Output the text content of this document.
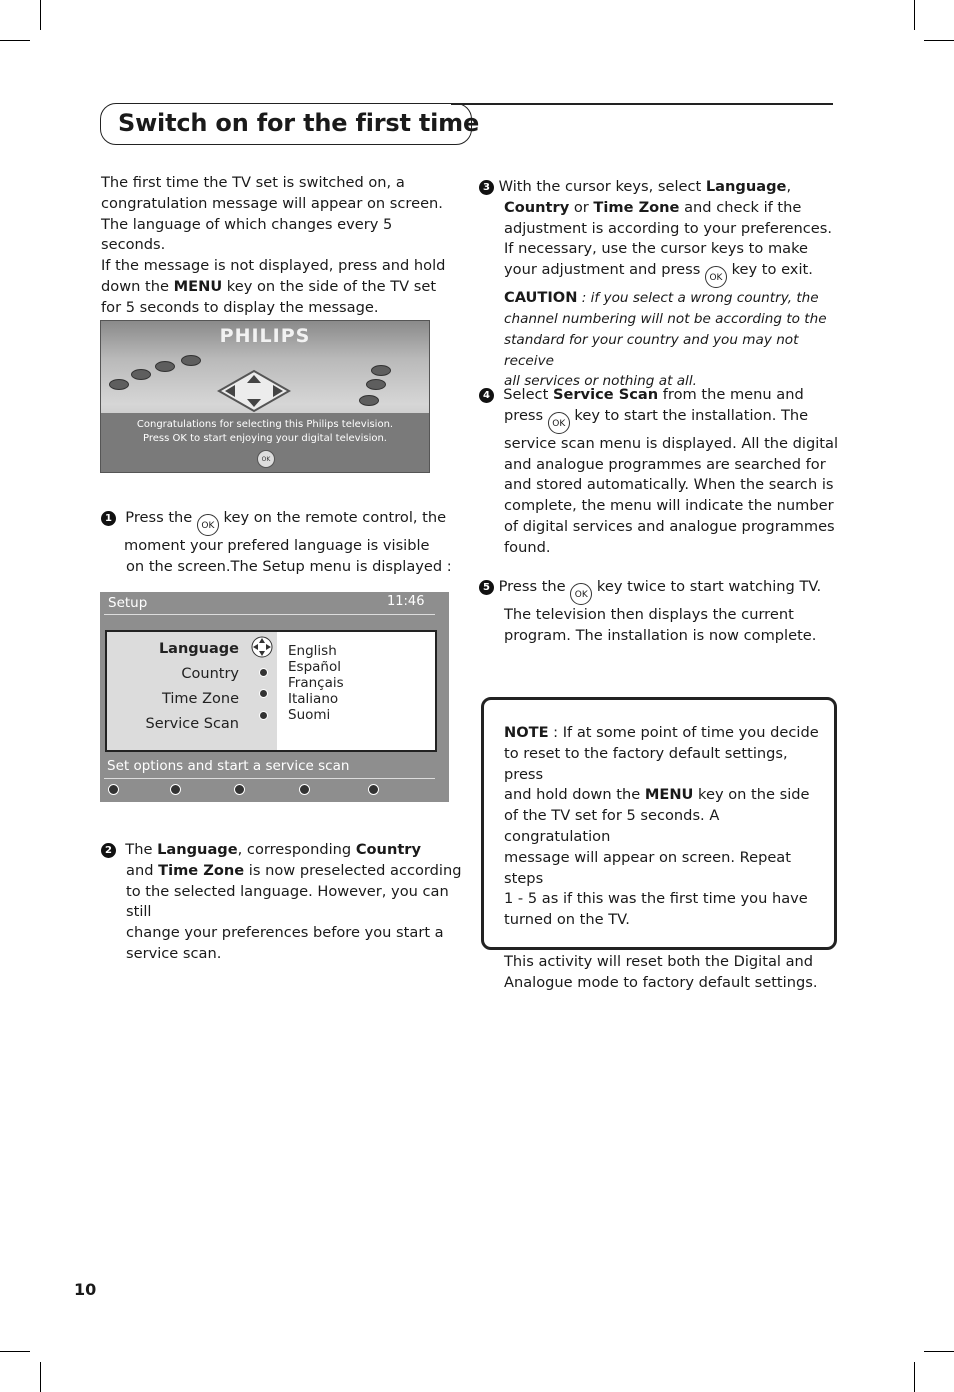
Switch on for the first time
The first time the TV set is switched on, a
congratulation message will appear on screen.
The language of which changes every 5 seconds.
If the message is not displayed, press and hold
down the MENU key on the side of the TV set
for 5 seconds to display the message.
PHILIPS
Congratulations for selecting this Philips television.
Press OK to start enjoying your digital television.
OK
1 Press the OK key on the remote control, the
moment your prefered language is visible
on the screen.The Setup menu is displayed :
Setup	11:46
Language
Country
Time Zone
Service Scan
English
Español
Français
Italiano
Suomi
Set options and start a service scan
2 The Language, corresponding Country
and Time Zone is now preselected according
to the selected language. However, you can still
change your preferences before you start a
service scan.
3 With the cursor keys, select Language,
Country or Time Zone and check if the
adjustment is according to your preferences.
If necessary, use the cursor keys to make
your adjustment and press OK key to exit.
CAUTION : if you select a wrong country, the
channel numbering will not be according to the
standard for your country and you may not receive
all services or nothing at all.
4 Select Service Scan from the menu and
press OK key to start the installation. The
service scan menu is displayed. All the digital
and analogue programmes are searched for
and stored automatically. When the search is
complete, the menu will indicate the number
of digital services and analogue programmes
found.
5 Press the OK key twice to start watching TV.
The television then displays the current
program. The installation is now complete.
NOTE : If at some point of time you decide
to reset to the factory default settings, press
and hold down the MENU key on the side
of the TV set for 5 seconds. A congratulation
message will appear on screen. Repeat steps
1 - 5 as if this was the first time you have
turned on the TV.
This activity will reset both the Digital and
Analogue mode to factory default settings.
10
